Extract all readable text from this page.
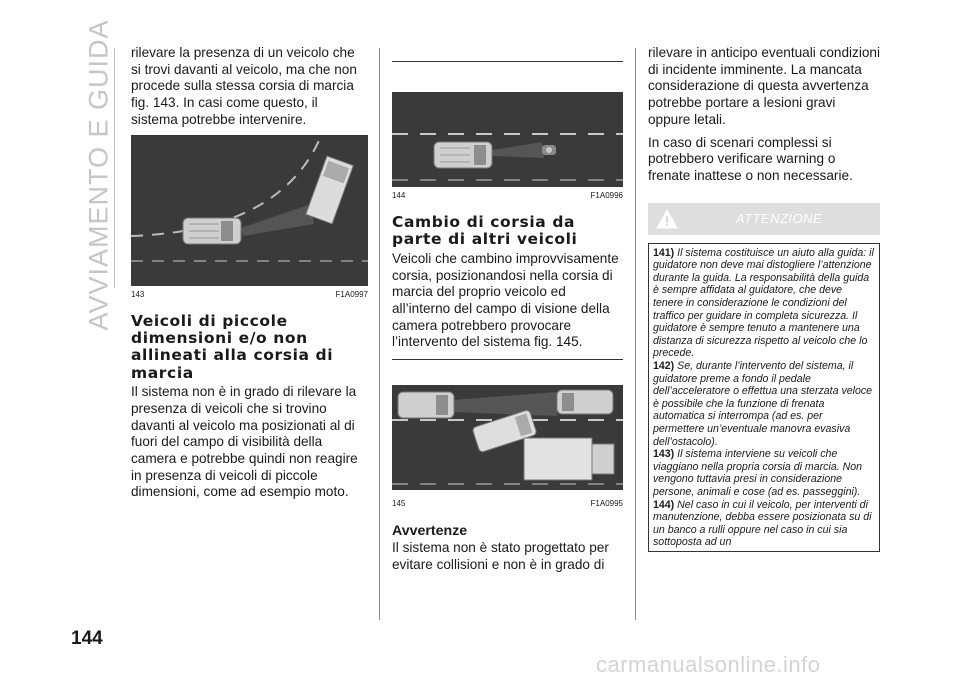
AVVIAMENTO E GUIDA rilevare la presenza di un veicolo che si trovi davanti al veicolo, ma che non procede sulla stessa corsia di marcia fig. 143. In casi come questo, il sistema potrebbe intervenire.

143	F1A0997
Veicoli di piccole dimensioni e/o non allineati alla corsia di marcia

Il sistema non è in grado di rilevare la presenza di veicoli che si trovino davanti al veicolo ma posizionati al di fuori del campo di visibilità della camera e potrebbe quindi non reagire in presenza di veicoli di piccole dimensioni, come ad esempio moto.

144	F1A0996
Cambio di corsia da parte di altri veicoli

Veicoli che cambino improvvisamente corsia, posizionandosi nella corsia di marcia del proprio veicolo ed all’interno del campo di visione della camera potrebbero provocare l’intervento del sistema fig. 145.

145	F1A0995
Avvertenze

Il sistema non è stato progettato per evitare collisioni e non è in grado di

rilevare in anticipo eventuali condizioni di incidente imminente. La mancata considerazione di questa avvertenza potrebbe portare a lesioni gravi oppure letali.

In caso di scenari complessi si potrebbero verificare warning o frenate inattese o non necessarie.

ATTENZIONE

141) Il sistema costituisce un aiuto alla guida: il guidatore non deve mai distogliere l’attenzione durante la guida. La responsabilità della guida è sempre affidata al guidatore, che deve tenere in considerazione le condizioni del traffico per guidare in completa sicurezza. Il guidatore è sempre tenuto a mantenere una distanza di sicurezza rispetto al veicolo che lo precede.

142) Se, durante l’intervento del sistema, il guidatore preme a fondo il pedale dell’acceleratore o effettua una sterzata veloce è possibile che la funzione di frenata automatica si interrompa (ad es. per permettere un’eventuale manovra evasiva dell’ostacolo).

143) Il sistema interviene su veicoli che viaggiano nella propria corsia di marcia. Non vengono tuttavia presi in considerazione persone, animali e cose (ad es. passeggini).

144) Nel caso in cui il veicolo, per interventi di manutenzione, debba essere posizionata su di un banco a rulli oppure nel caso in cui sia sottoposta ad un

144
carmanualsonline.info
